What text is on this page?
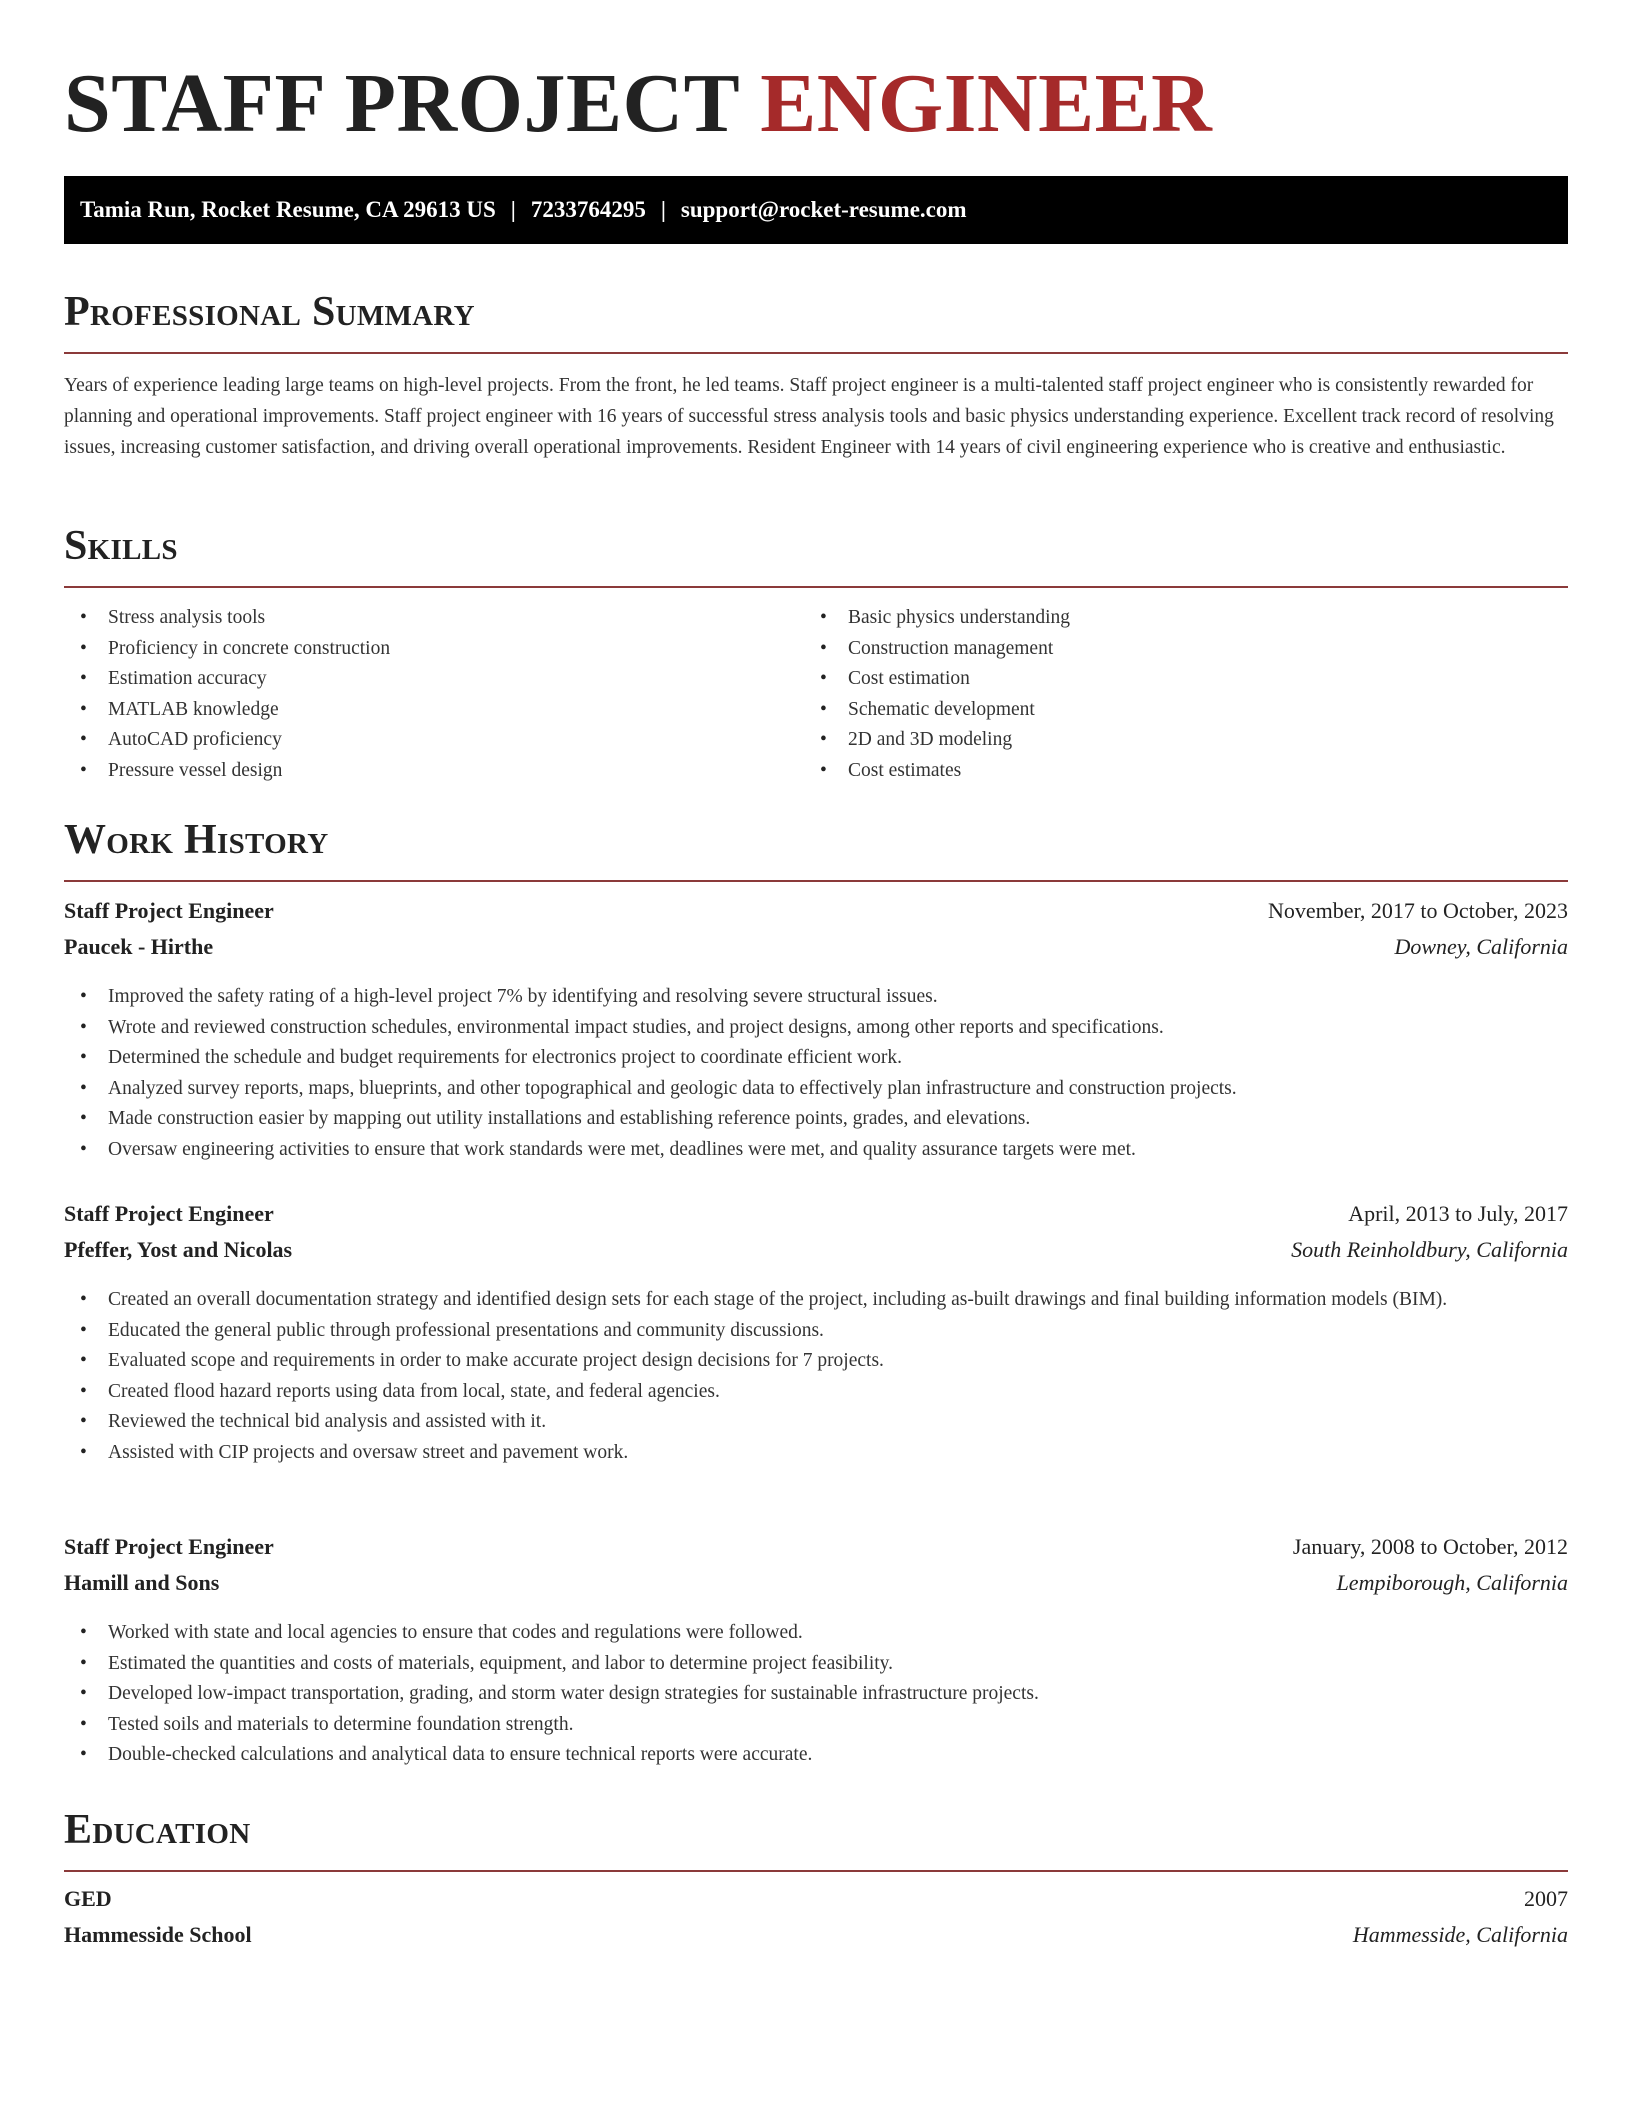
STAFF PROJECT ENGINEER
Tamia Run, Rocket Resume, CA 29613 US | 7233764295 | support@rocket-resume.com
Professional Summary

Years of experience leading large teams on high-level projects. From the front, he led teams. Staff project engineer is a multi-talented staff project engineer who is consistently rewarded for planning and operational improvements. Staff project engineer with 16 years of successful stress analysis tools and basic physics understanding experience. Excellent track record of resolving issues, increasing customer satisfaction, and driving overall operational improvements. Resident Engineer with 14 years of civil engineering experience who is creative and enthusiastic.

Skills
• Stress analysis tools
• Proficiency in concrete construction
• Estimation accuracy
• MATLAB knowledge
• AutoCAD proficiency
• Pressure vessel design
• Basic physics understanding
• Construction management
• Cost estimation
• Schematic development
• 2D and 3D modeling
• Cost estimates
Work History
Staff Project Engineer	November, 2017 to October, 2023
Paucek - Hirthe	Downey, California
• Improved the safety rating of a high-level project 7% by identifying and resolving severe structural issues.
• Wrote and reviewed construction schedules, environmental impact studies, and project designs, among other reports and specifications.
• Determined the schedule and budget requirements for electronics project to coordinate efficient work.
• Analyzed survey reports, maps, blueprints, and other topographical and geologic data to effectively plan infrastructure and construction projects.
• Made construction easier by mapping out utility installations and establishing reference points, grades, and elevations.
• Oversaw engineering activities to ensure that work standards were met, deadlines were met, and quality assurance targets were met.
Staff Project Engineer	April, 2013 to July, 2017
Pfeffer, Yost and Nicolas	South Reinholdbury, California
• Created an overall documentation strategy and identified design sets for each stage of the project, including as-built drawings and final building information models (BIM).
• Educated the general public through professional presentations and community discussions.
• Evaluated scope and requirements in order to make accurate project design decisions for 7 projects.
• Created flood hazard reports using data from local, state, and federal agencies.
• Reviewed the technical bid analysis and assisted with it.
• Assisted with CIP projects and oversaw street and pavement work.
Staff Project Engineer	January, 2008 to October, 2012
Hamill and Sons	Lempiborough, California
• Worked with state and local agencies to ensure that codes and regulations were followed.
• Estimated the quantities and costs of materials, equipment, and labor to determine project feasibility.
• Developed low-impact transportation, grading, and storm water design strategies for sustainable infrastructure projects.
• Tested soils and materials to determine foundation strength.
• Double-checked calculations and analytical data to ensure technical reports were accurate.
Education
GED	2007
Hammesside School	Hammesside, California
